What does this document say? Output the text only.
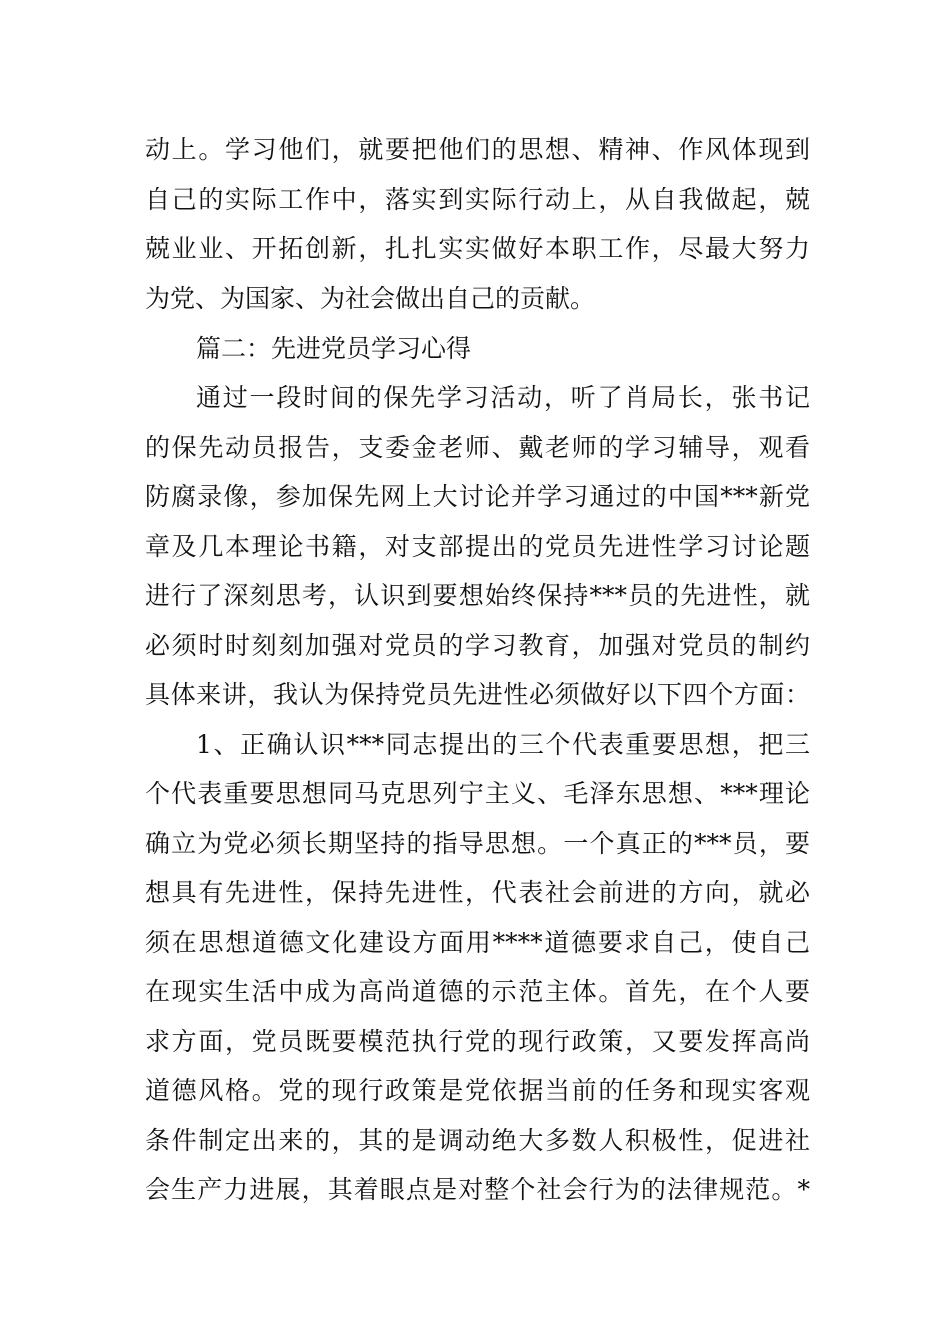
动上。学习他们，就要把他们的思想、精神、作风体现到
自己的实际工作中，落实到实际行动上，从自我做起，兢
兢业业、开拓创新，扎扎实实做好本职工作，尽最大努力
为党、为国家、为社会做出自己的贡献。
篇二：先进党员学习心得
通过一段时间的保先学习活动，听了肖局长，张书记
的保先动员报告，支委金老师、戴老师的学习辅导，观看
防腐录像，参加保先网上大讨论并学习通过的中国***新党
章及几本理论书籍，对支部提出的党员先进性学习讨论题
进行了深刻思考，认识到要想始终保持***员的先进性，就
必须时时刻刻加强对党员的学习教育，加强对党员的制约
具体来讲，我认为保持党员先进性必须做好以下四个方面：
1、正确认识***同志提出的三个代表重要思想，把三
个代表重要思想同马克思列宁主义、毛泽东思想、***理论
确立为党必须长期坚持的指导思想。一个真正的***员，要
想具有先进性，保持先进性，代表社会前进的方向，就必
须在思想道德文化建设方面用****道德要求自己，使自己
在现实生活中成为高尚道德的示范主体。首先，在个人要
求方面，党员既要模范执行党的现行政策，又要发挥高尚
道德风格。党的现行政策是党依据当前的任务和现实客观
条件制定出来的，其的是调动绝大多数人积极性，促进社
会生产力进展，其着眼点是对整个社会行为的法律规范。*
